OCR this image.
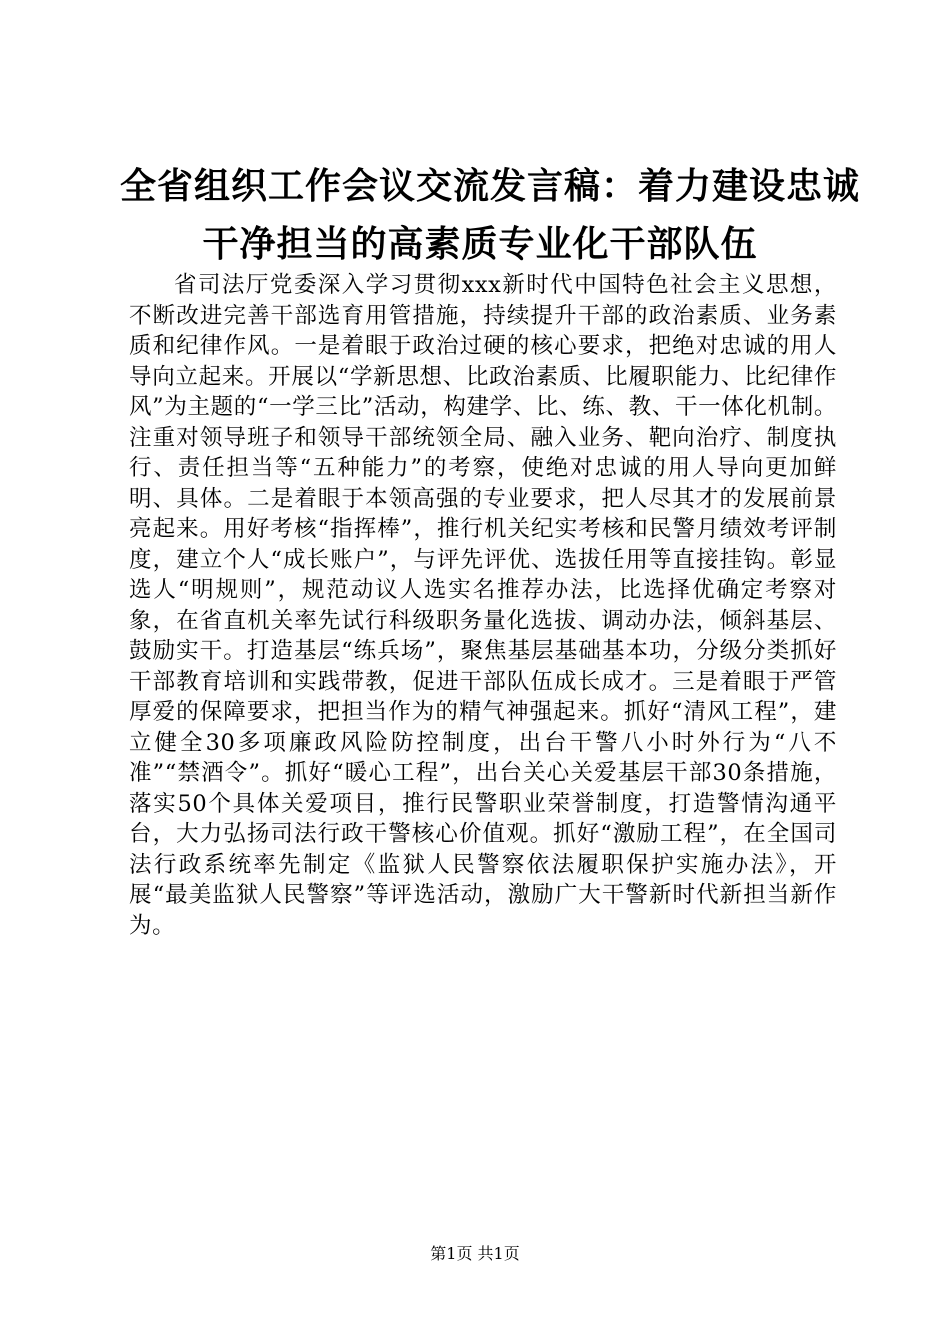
全省组织工作会议交流发言稿：着力建设忠诚
干净担当的高素质专业化干部队伍

省司法厅党委深入学习贯彻xxx新时代中国特色社会主义思想，不断改进完善干部选育用管措施，持续提升干部的政治素质、业务素质和纪律作风。一是着眼于政治过硬的核心要求，把绝对忠诚的用人导向立起来。开展以“学新思想、比政治素质、比履职能力、比纪律作风”为主题的“一学三比”活动，构建学、比、练、教、干一体化机制。注重对领导班子和领导干部统领全局、融入业务、靶向治疗、制度执行、责任担当等“五种能力”的考察，使绝对忠诚的用人导向更加鲜明、具体。二是着眼于本领高强的专业要求，把人尽其才的发展前景亮起来。用好考核“指挥棒”，推行机关纪实考核和民警月绩效考评制度，建立个人“成长账户”，与评先评优、选拔任用等直接挂钩。彰显选人“明规则”，规范动议人选实名推荐办法，比选择优确定考察对象，在省直机关率先试行科级职务量化选拔、调动办法，倾斜基层、鼓励实干。打造基层“练兵场”，聚焦基层基础基本功，分级分类抓好干部教育培训和实践带教，促进干部队伍成长成才。三是着眼于严管厚爱的保障要求，把担当作为的精气神强起来。抓好“清风工程”，建立健全30多项廉政风险防控制度，出台干警八小时外行为“八不准”“禁酒令”。抓好“暖心工程”，出台关心关爱基层干部30条措施，落实50个具体关爱项目，推行民警职业荣誉制度，打造警情沟通平台，大力弘扬司法行政干警核心价值观。抓好“激励工程”，在全国司法行政系统率先制定《监狱人民警察依法履职保护实施办法》，开展“最美监狱人民警察”等评选活动，激励广大干警新时代新担当新作为。

第1页 共1页
